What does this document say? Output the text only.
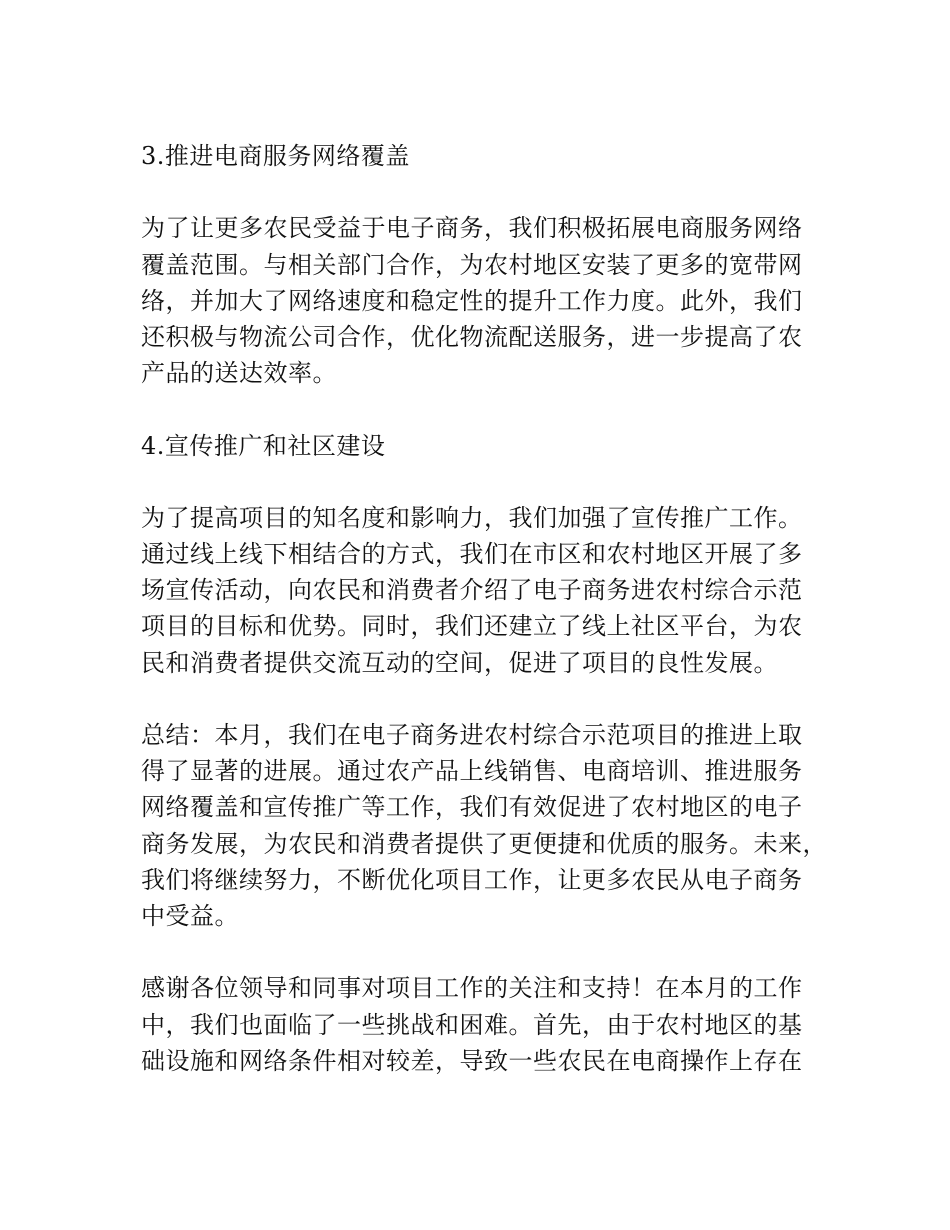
3.推进电商服务网络覆盖
为了让更多农民受益于电子商务，我们积极拓展电商服务网络
覆盖范围。与相关部门合作，为农村地区安装了更多的宽带网
络，并加大了网络速度和稳定性的提升工作力度。此外，我们
还积极与物流公司合作，优化物流配送服务，进一步提高了农
产品的送达效率。
4.宣传推广和社区建设
为了提高项目的知名度和影响力，我们加强了宣传推广工作。
通过线上线下相结合的方式，我们在市区和农村地区开展了多
场宣传活动，向农民和消费者介绍了电子商务进农村综合示范
项目的目标和优势。同时，我们还建立了线上社区平台，为农
民和消费者提供交流互动的空间，促进了项目的良性发展。
总结：本月，我们在电子商务进农村综合示范项目的推进上取
得了显著的进展。通过农产品上线销售、电商培训、推进服务
网络覆盖和宣传推广等工作，我们有效促进了农村地区的电子
商务发展，为农民和消费者提供了更便捷和优质的服务。未来，
我们将继续努力，不断优化项目工作，让更多农民从电子商务
中受益。
感谢各位领导和同事对项目工作的关注和支持！在本月的工作
中，我们也面临了一些挑战和困难。首先，由于农村地区的基
础设施和网络条件相对较差，导致一些农民在电商操作上存在
